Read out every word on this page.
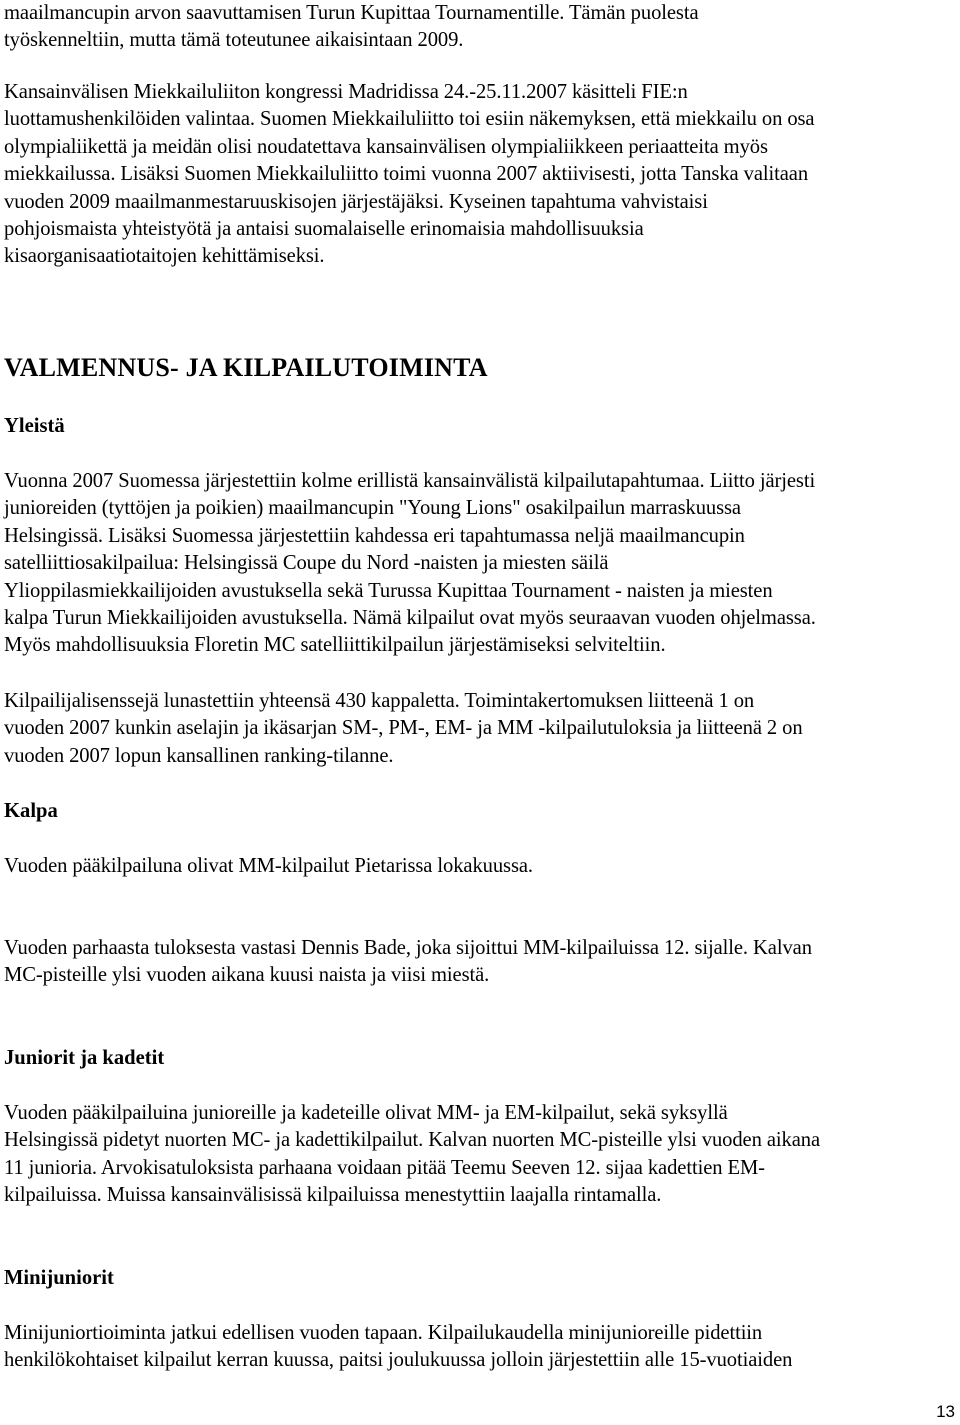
maailmancupin arvon saavuttamisen Turun Kupittaa Tournamentille. Tämän puolesta
työskenneltiin, mutta tämä toteutunee aikaisintaan 2009.

Kansainvälisen Miekkailuliiton kongressi Madridissa 24.-25.11.2007 käsitteli FIE:n
luottamushenkilöiden valintaa. Suomen Miekkailuliitto toi esiin näkemyksen, että miekkailu on osa
olympialiikettä ja meidän olisi noudatettava kansainvälisen olympialiikkeen periaatteita myös
miekkailussa. Lisäksi Suomen Miekkailuliitto toimi vuonna 2007 aktiivisesti, jotta Tanska valitaan
vuoden 2009 maailmanmestaruuskisojen järjestäjäksi. Kyseinen tapahtuma vahvistaisi
pohjoismaista yhteistyötä ja antaisi suomalaiselle erinomaisia mahdollisuuksia
kisaorganisaatiotaitojen kehittämiseksi.

VALMENNUS- JA KILPAILUTOIMINTA
Yleistä

Vuonna 2007 Suomessa järjestettiin kolme erillistä kansainvälistä kilpailutapahtumaa. Liitto järjesti
junioreiden (tyttöjen ja poikien) maailmancupin "Young Lions" osakilpailun marraskuussa
Helsingissä. Lisäksi Suomessa järjestettiin kahdessa eri tapahtumassa neljä maailmancupin
satelliittiosakilpailua: Helsingissä Coupe du Nord -naisten ja miesten säilä
Ylioppilasmiekkailijoiden avustuksella sekä Turussa Kupittaa Tournament - naisten ja miesten
kalpa Turun Miekkailijoiden avustuksella. Nämä kilpailut ovat myös seuraavan vuoden ohjelmassa.
Myös mahdollisuuksia Floretin MC satelliittikilpailun järjestämiseksi selviteltiin.

Kilpailijalisenssejä lunastettiin yhteensä 430 kappaletta. Toimintakertomuksen liitteenä 1 on
vuoden 2007 kunkin aselajin ja ikäsarjan SM-, PM-, EM- ja MM -kilpailutuloksia ja liitteenä 2 on
vuoden 2007 lopun kansallinen ranking-tilanne.

Kalpa

Vuoden pääkilpailuna olivat MM-kilpailut Pietarissa lokakuussa.

Vuoden parhaasta tuloksesta vastasi Dennis Bade, joka sijoittui MM-kilpailuissa 12. sijalle. Kalvan
MC-pisteille ylsi vuoden aikana kuusi naista ja viisi miestä.

Juniorit ja kadetit

Vuoden pääkilpailuina junioreille ja kadeteille olivat MM- ja EM-kilpailut, sekä syksyllä
Helsingissä pidetyt nuorten MC- ja kadettikilpailut. Kalvan nuorten MC-pisteille ylsi vuoden aikana
11 junioria. Arvokisatuloksista parhaana voidaan pitää Teemu Seeven 12. sijaa kadettien EM-
kilpailuissa. Muissa kansainvälisissä kilpailuissa menestyttiin laajalla rintamalla.

Minijuniorit

Minijuniortioiminta jatkui edellisen vuoden tapaan. Kilpailukaudella minijunioreille pidettiin
henkilökohtaiset kilpailut kerran kuussa, paitsi joulukuussa jolloin järjestettiin alle 15-vuotiaiden

13
